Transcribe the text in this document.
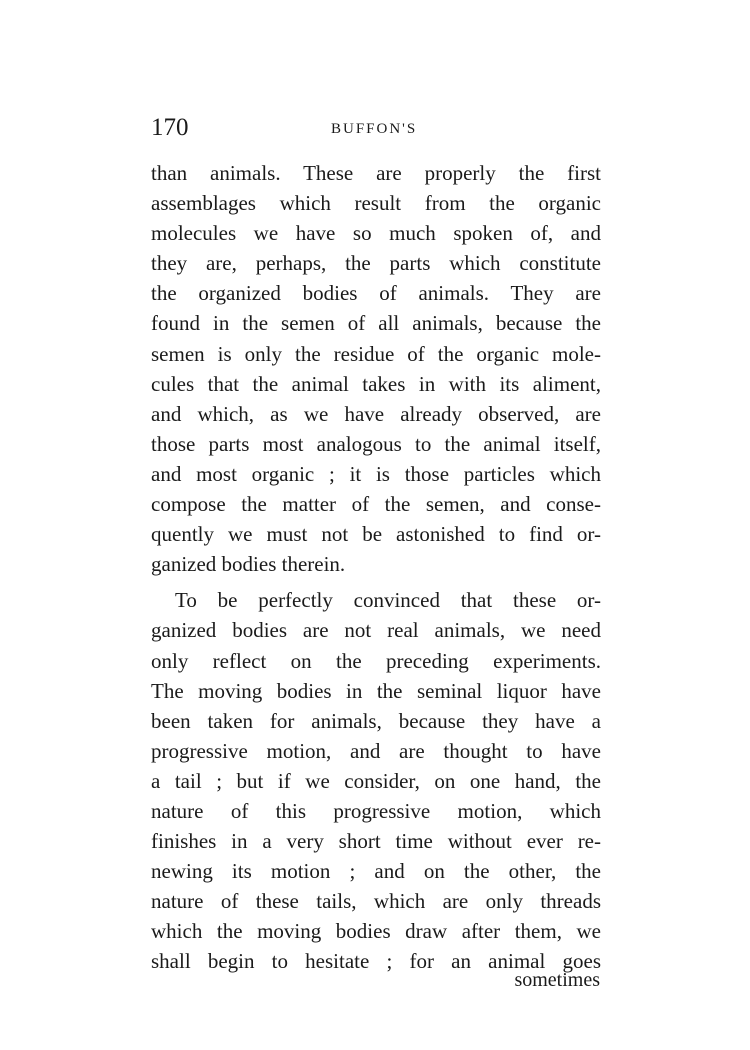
170	BUFFON'S
than animals. These are properly the first
assemblages which result from the organic
molecules we have so much spoken of, and
they are, perhaps, the parts which constitute
the organized bodies of animals. They are
found in the semen of all animals, because the
semen is only the residue of the organic mole-
cules that the animal takes in with its aliment,
and which, as we have already observed, are
those parts most analogous to the animal itself,
and most organic ; it is those particles which
compose the matter of the semen, and conse-
quently we must not be astonished to find or-
ganized bodies therein.
To be perfectly convinced that these or-
ganized bodies are not real animals, we need
only reflect on the preceding experiments.
The moving bodies in the seminal liquor have
been taken for animals, because they have a
progressive motion, and are thought to have
a tail ; but if we consider, on one hand, the
nature of this progressive motion, which
finishes in a very short time without ever re-
newing its motion ; and on the other, the
nature of these tails, which are only threads
which the moving bodies draw after them, we
shall begin to hesitate ; for an animal goes
sometimes
